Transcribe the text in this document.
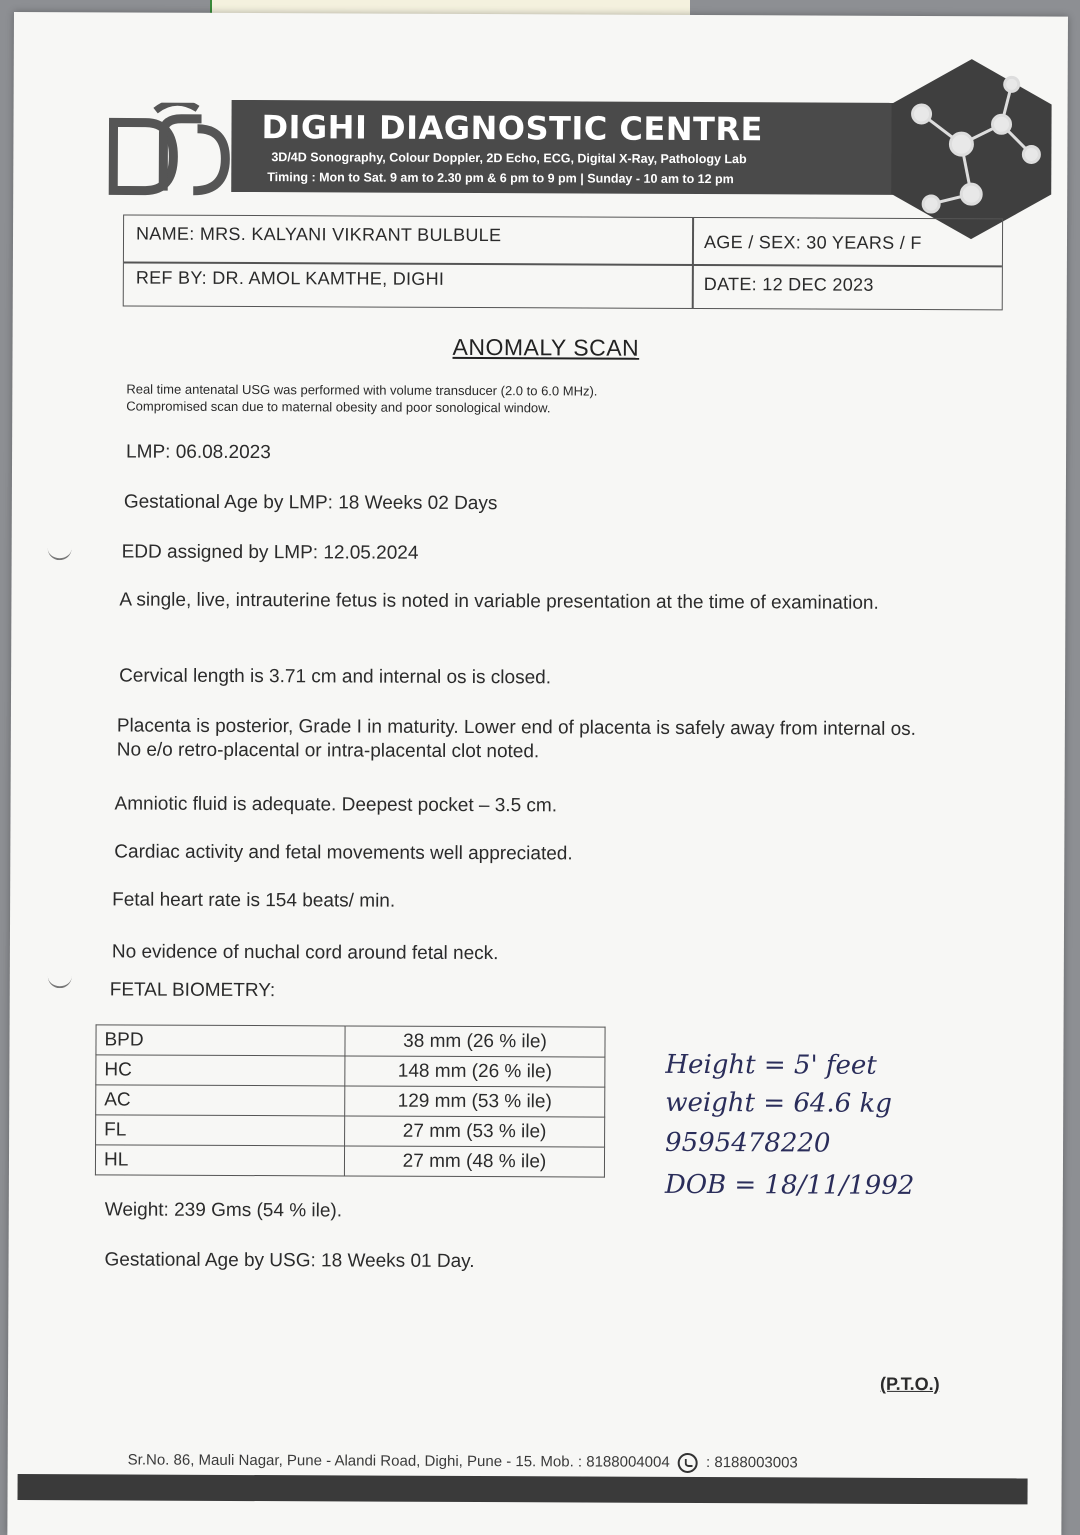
DIGHI DIAGNOSTIC CENTRE
3D/4D Sonography, Colour Doppler, 2D Echo, ECG, Digital X-Ray, Pathology Lab
Timing : Mon to Sat. 9 am to 2.30 pm & 6 pm to 9 pm | Sunday - 10 am to 12 pm
NAME: MRS. KALYANI VIKRANT BULBULE	AGE / SEX: 30 YEARS / F
REF BY: DR. AMOL KAMTHE, DIGHI	DATE: 12 DEC 2023
ANOMALY SCAN
Real time antenatal USG was performed with volume transducer (2.0 to 6.0 MHz).
Compromised scan due to maternal obesity and poor sonological window.
LMP: 06.08.2023
Gestational Age by LMP: 18 Weeks 02 Days
EDD assigned by LMP: 12.05.2024
A single, live, intrauterine fetus is noted in variable presentation at the time of examination.
Cervical length is 3.71 cm and internal os is closed.
Placenta is posterior, Grade I in maturity. Lower end of placenta is safely away from internal os. No e/o retro-placental or intra-placental clot noted.
Amniotic fluid is adequate. Deepest pocket – 3.5 cm.
Cardiac activity and fetal movements well appreciated.
Fetal heart rate is 154 beats/ min.
No evidence of nuchal cord around fetal neck.
FETAL BIOMETRY:
BPD	38 mm (26 % ile)
HC	148 mm (26 % ile)
AC	129 mm (53 % ile)
FL	27 mm (53 % ile)
HL	27 mm (48 % ile)
Height = 5' feet
weight = 64.6 kg
9595478220
DOB = 18/11/1992
Weight: 239 Gms (54 % ile).
Gestational Age by USG: 18 Weeks 01 Day.
(P.T.O.)
Sr.No. 86, Mauli Nagar, Pune - Alandi Road, Dighi, Pune - 15. Mob. : 8188004004 : 8188003003
